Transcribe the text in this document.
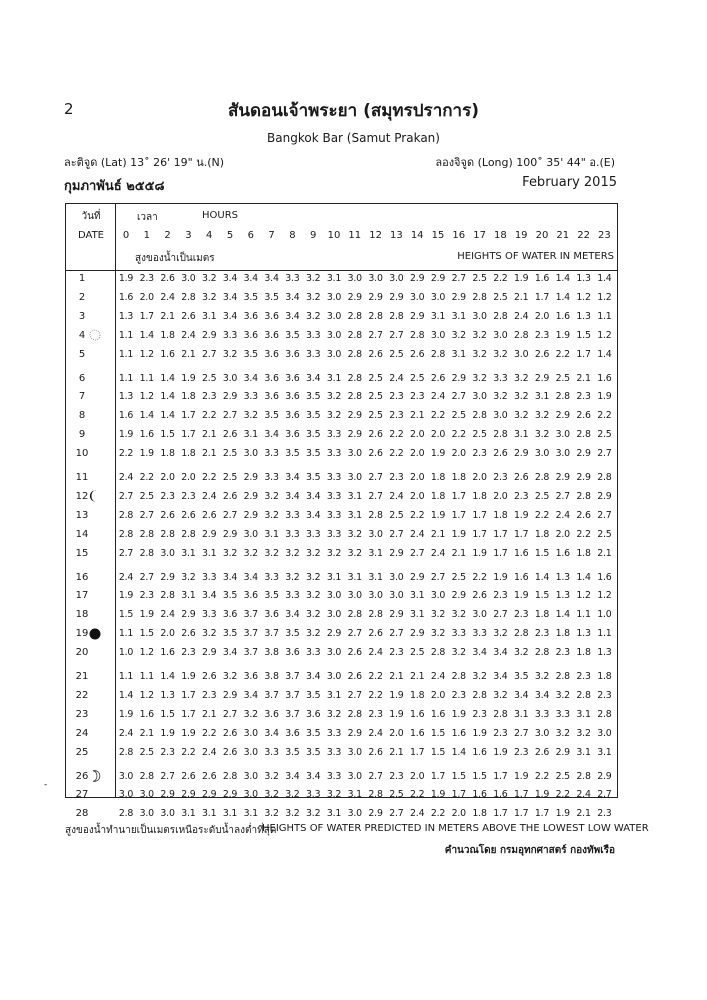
2	สันดอนเจ้าพระยา (สมุทรปราการ)
Bangkok Bar (Samut Prakan)
ละติจูด (Lat) 13˚ 26' 19" น.(N)	ลองจิจูด (Long) 100˚ 35' 44" อ.(E)
กุมภาพันธ์ ๒๕๕๘	February 2015
วันที่
DATE
เวลา	HOURS
สูงของน้ำเป็นเมตร	HEIGHTS OF WATER IN METERS
0	1	2	3	4	5	6	7	8	9	10 11 12 13 14 15 16 17 18 19 20 21 22 23
1	1.9 2.3 2.6 3.0 3.2 3.4 3.4 3.4 3.3 3.2 3.1 3.0 3.0 3.0 2.9 2.9 2.7 2.5 2.2 1.9 1.6 1.4 1.3 1.4
2	1.6 2.0 2.4 2.8 3.2 3.4 3.5 3.5 3.4 3.2 3.0 2.9 2.9 2.9 3.0 3.0 2.9 2.8 2.5 2.1 1.7 1.4 1.2 1.2
3	1.3 1.7 2.1 2.6 3.1 3.4 3.6 3.6 3.4 3.2 3.0 2.8 2.8 2.8 2.9 3.1 3.1 3.0 2.8 2.4 2.0 1.6 1.3 1.1
4	1.1 1.4 1.8 2.4 2.9 3.3 3.6 3.6 3.5 3.3 3.0 2.8 2.7 2.7 2.8 3.0 3.2 3.2 3.0 2.8 2.3 1.9 1.5 1.2
5	1.1 1.2 1.6 2.1 2.7 3.2 3.5 3.6 3.6 3.3 3.0 2.8 2.6 2.5 2.6 2.8 3.1 3.2 3.2 3.0 2.6 2.2 1.7 1.4
6	1.1 1.1 1.4 1.9 2.5 3.0 3.4 3.6 3.6 3.4 3.1 2.8 2.5 2.4 2.5 2.6 2.9 3.2 3.3 3.2 2.9 2.5 2.1 1.6
7	1.3 1.2 1.4 1.8 2.3 2.9 3.3 3.6 3.6 3.5 3.2 2.8 2.5 2.3 2.3 2.4 2.7 3.0 3.2 3.2 3.1 2.8 2.3 1.9
8	1.6 1.4 1.4 1.7 2.2 2.7 3.2 3.5 3.6 3.5 3.2 2.9 2.5 2.3 2.1 2.2 2.5 2.8 3.0 3.2 3.2 2.9 2.6 2.2
9	1.9 1.6 1.5 1.7 2.1 2.6 3.1 3.4 3.6 3.5 3.3 2.9 2.6 2.2 2.0 2.0 2.2 2.5 2.8 3.1 3.2 3.0 2.8 2.5
10	2.2 1.9 1.8 1.8 2.1 2.5 3.0 3.3 3.5 3.5 3.3 3.0 2.6 2.2 2.0 1.9 2.0 2.3 2.6 2.9 3.0 3.0 2.9 2.7
11	2.4 2.2 2.0 2.0 2.2 2.5 2.9 3.3 3.4 3.5 3.3 3.0 2.7 2.3 2.0 1.8 1.8 2.0 2.3 2.6 2.8 2.9 2.9 2.8
12	2.7 2.5 2.3 2.3 2.4 2.6 2.9 3.2 3.4 3.4 3.3 3.1 2.7 2.4 2.0 1.8 1.7 1.8 2.0 2.3 2.5 2.7 2.8 2.9
13	2.8 2.7 2.6 2.6 2.6 2.7 2.9 3.2 3.3 3.4 3.3 3.1 2.8 2.5 2.2 1.9 1.7 1.7 1.8 1.9 2.2 2.4 2.6 2.7
14	2.8 2.8 2.8 2.8 2.9 2.9 3.0 3.1 3.3 3.3 3.3 3.2 3.0 2.7 2.4 2.1 1.9 1.7 1.7 1.7 1.8 2.0 2.2 2.5
15	2.7 2.8 3.0 3.1 3.1 3.2 3.2 3.2 3.2 3.2 3.2 3.2 3.1 2.9 2.7 2.4 2.1 1.9 1.7 1.6 1.5 1.6 1.8 2.1
16	2.4 2.7 2.9 3.2 3.3 3.4 3.4 3.3 3.2 3.2 3.1 3.1 3.1 3.0 2.9 2.7 2.5 2.2 1.9 1.6 1.4 1.3 1.4 1.6
17	1.9 2.3 2.8 3.1 3.4 3.5 3.6 3.5 3.3 3.2 3.0 3.0 3.0 3.0 3.1 3.0 2.9 2.6 2.3 1.9 1.5 1.3 1.2 1.2
18	1.5 1.9 2.4 2.9 3.3 3.6 3.7 3.6 3.4 3.2 3.0 2.8 2.8 2.9 3.1 3.2 3.2 3.0 2.7 2.3 1.8 1.4 1.1 1.0
19	1.1 1.5 2.0 2.6 3.2 3.5 3.7 3.7 3.5 3.2 2.9 2.7 2.6 2.7 2.9 3.2 3.3 3.3 3.2 2.8 2.3 1.8 1.3 1.1
20	1.0 1.2 1.6 2.3 2.9 3.4 3.7 3.8 3.6 3.3 3.0 2.6 2.4 2.3 2.5 2.8 3.2 3.4 3.4 3.2 2.8 2.3 1.8 1.3
21	1.1 1.1 1.4 1.9 2.6 3.2 3.6 3.8 3.7 3.4 3.0 2.6 2.2 2.1 2.1 2.4 2.8 3.2 3.4 3.5 3.2 2.8 2.3 1.8
22	1.4 1.2 1.3 1.7 2.3 2.9 3.4 3.7 3.7 3.5 3.1 2.7 2.2 1.9 1.8 2.0 2.3 2.8 3.2 3.4 3.4 3.2 2.8 2.3
23	1.9 1.6 1.5 1.7 2.1 2.7 3.2 3.6 3.7 3.6 3.2 2.8 2.3 1.9 1.6 1.6 1.9 2.3 2.8 3.1 3.3 3.3 3.1 2.8
24	2.4 2.1 1.9 1.9 2.2 2.6 3.0 3.4 3.6 3.5 3.3 2.9 2.4 2.0 1.6 1.5 1.6 1.9 2.3 2.7 3.0 3.2 3.2 3.0
25	2.8 2.5 2.3 2.2 2.4 2.6 3.0 3.3 3.5 3.5 3.3 3.0 2.6 2.1 1.7 1.5 1.4 1.6 1.9 2.3 2.6 2.9 3.1 3.1
26	3.0 2.8 2.7 2.6 2.6 2.8 3.0 3.2 3.4 3.4 3.3 3.0 2.7 2.3 2.0 1.7 1.5 1.5 1.7 1.9 2.2 2.5 2.8 2.9
27	3.0 3.0 2.9 2.9 2.9 2.9 3.0 3.2 3.2 3.3 3.2 3.1 2.8 2.5 2.2 1.9 1.7 1.6 1.6 1.7 1.9 2.2 2.4 2.7
28	2.8 3.0 3.0 3.1 3.1 3.1 3.1 3.2 3.2 3.2 3.1 3.0 2.9 2.7 2.4 2.2 2.0 1.8 1.7 1.7 1.7 1.9 2.1 2.3
-
สูงของน้ำทำนายเป็นเมตรเหนือระดับน้ำลงต่ำที่สุด
HEIGHTS OF WATER PREDICTED IN METERS ABOVE THE LOWEST LOW WATER
คำนวณโดย กรมอุทกศาสตร์ กองทัพเรือ
